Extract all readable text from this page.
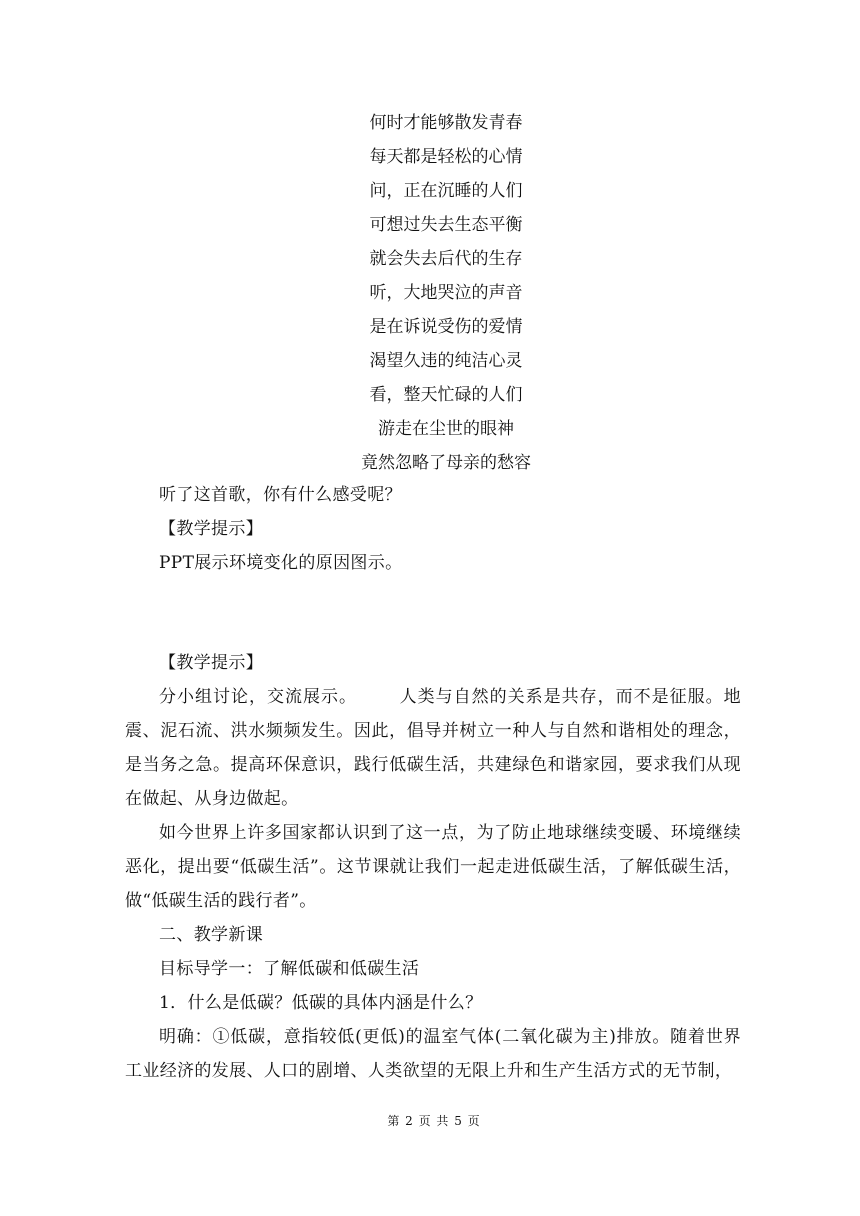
何时才能够散发青春
每天都是轻松的心情
问，正在沉睡的人们
可想过失去生态平衡
就会失去后代的生存
听，大地哭泣的声音
是在诉说受伤的爱情
渴望久违的纯洁心灵
看，整天忙碌的人们
游走在尘世的眼神
竟然忽略了母亲的愁容

听了这首歌，你有什么感受呢？

【教学提示】

PPT展示环境变化的原因图示。

【教学提示】

分小组讨论，交流展示。 人类与自然的关系是共存，而不是征服。地震、泥石流、洪水频频发生。因此，倡导并树立一种人与自然和谐相处的理念，是当务之急。提高环保意识，践行低碳生活，共建绿色和谐家园，要求我们从现在做起、从身边做起。

如今世界上许多国家都认识到了这一点，为了防止地球继续变暖、环境继续恶化，提出要“低碳生活”。这节课就让我们一起走进低碳生活，了解低碳生活，做“低碳生活的践行者”。

二、教学新课

目标导学一：了解低碳和低碳生活

1．什么是低碳？低碳的具体内涵是什么？

明确：①低碳，意指较低(更低)的温室气体(二氧化碳为主)排放。随着世界工业经济的发展、人口的剧增、人类欲望的无限上升和生产生活方式的无节制，

第 2 页 共 5 页
